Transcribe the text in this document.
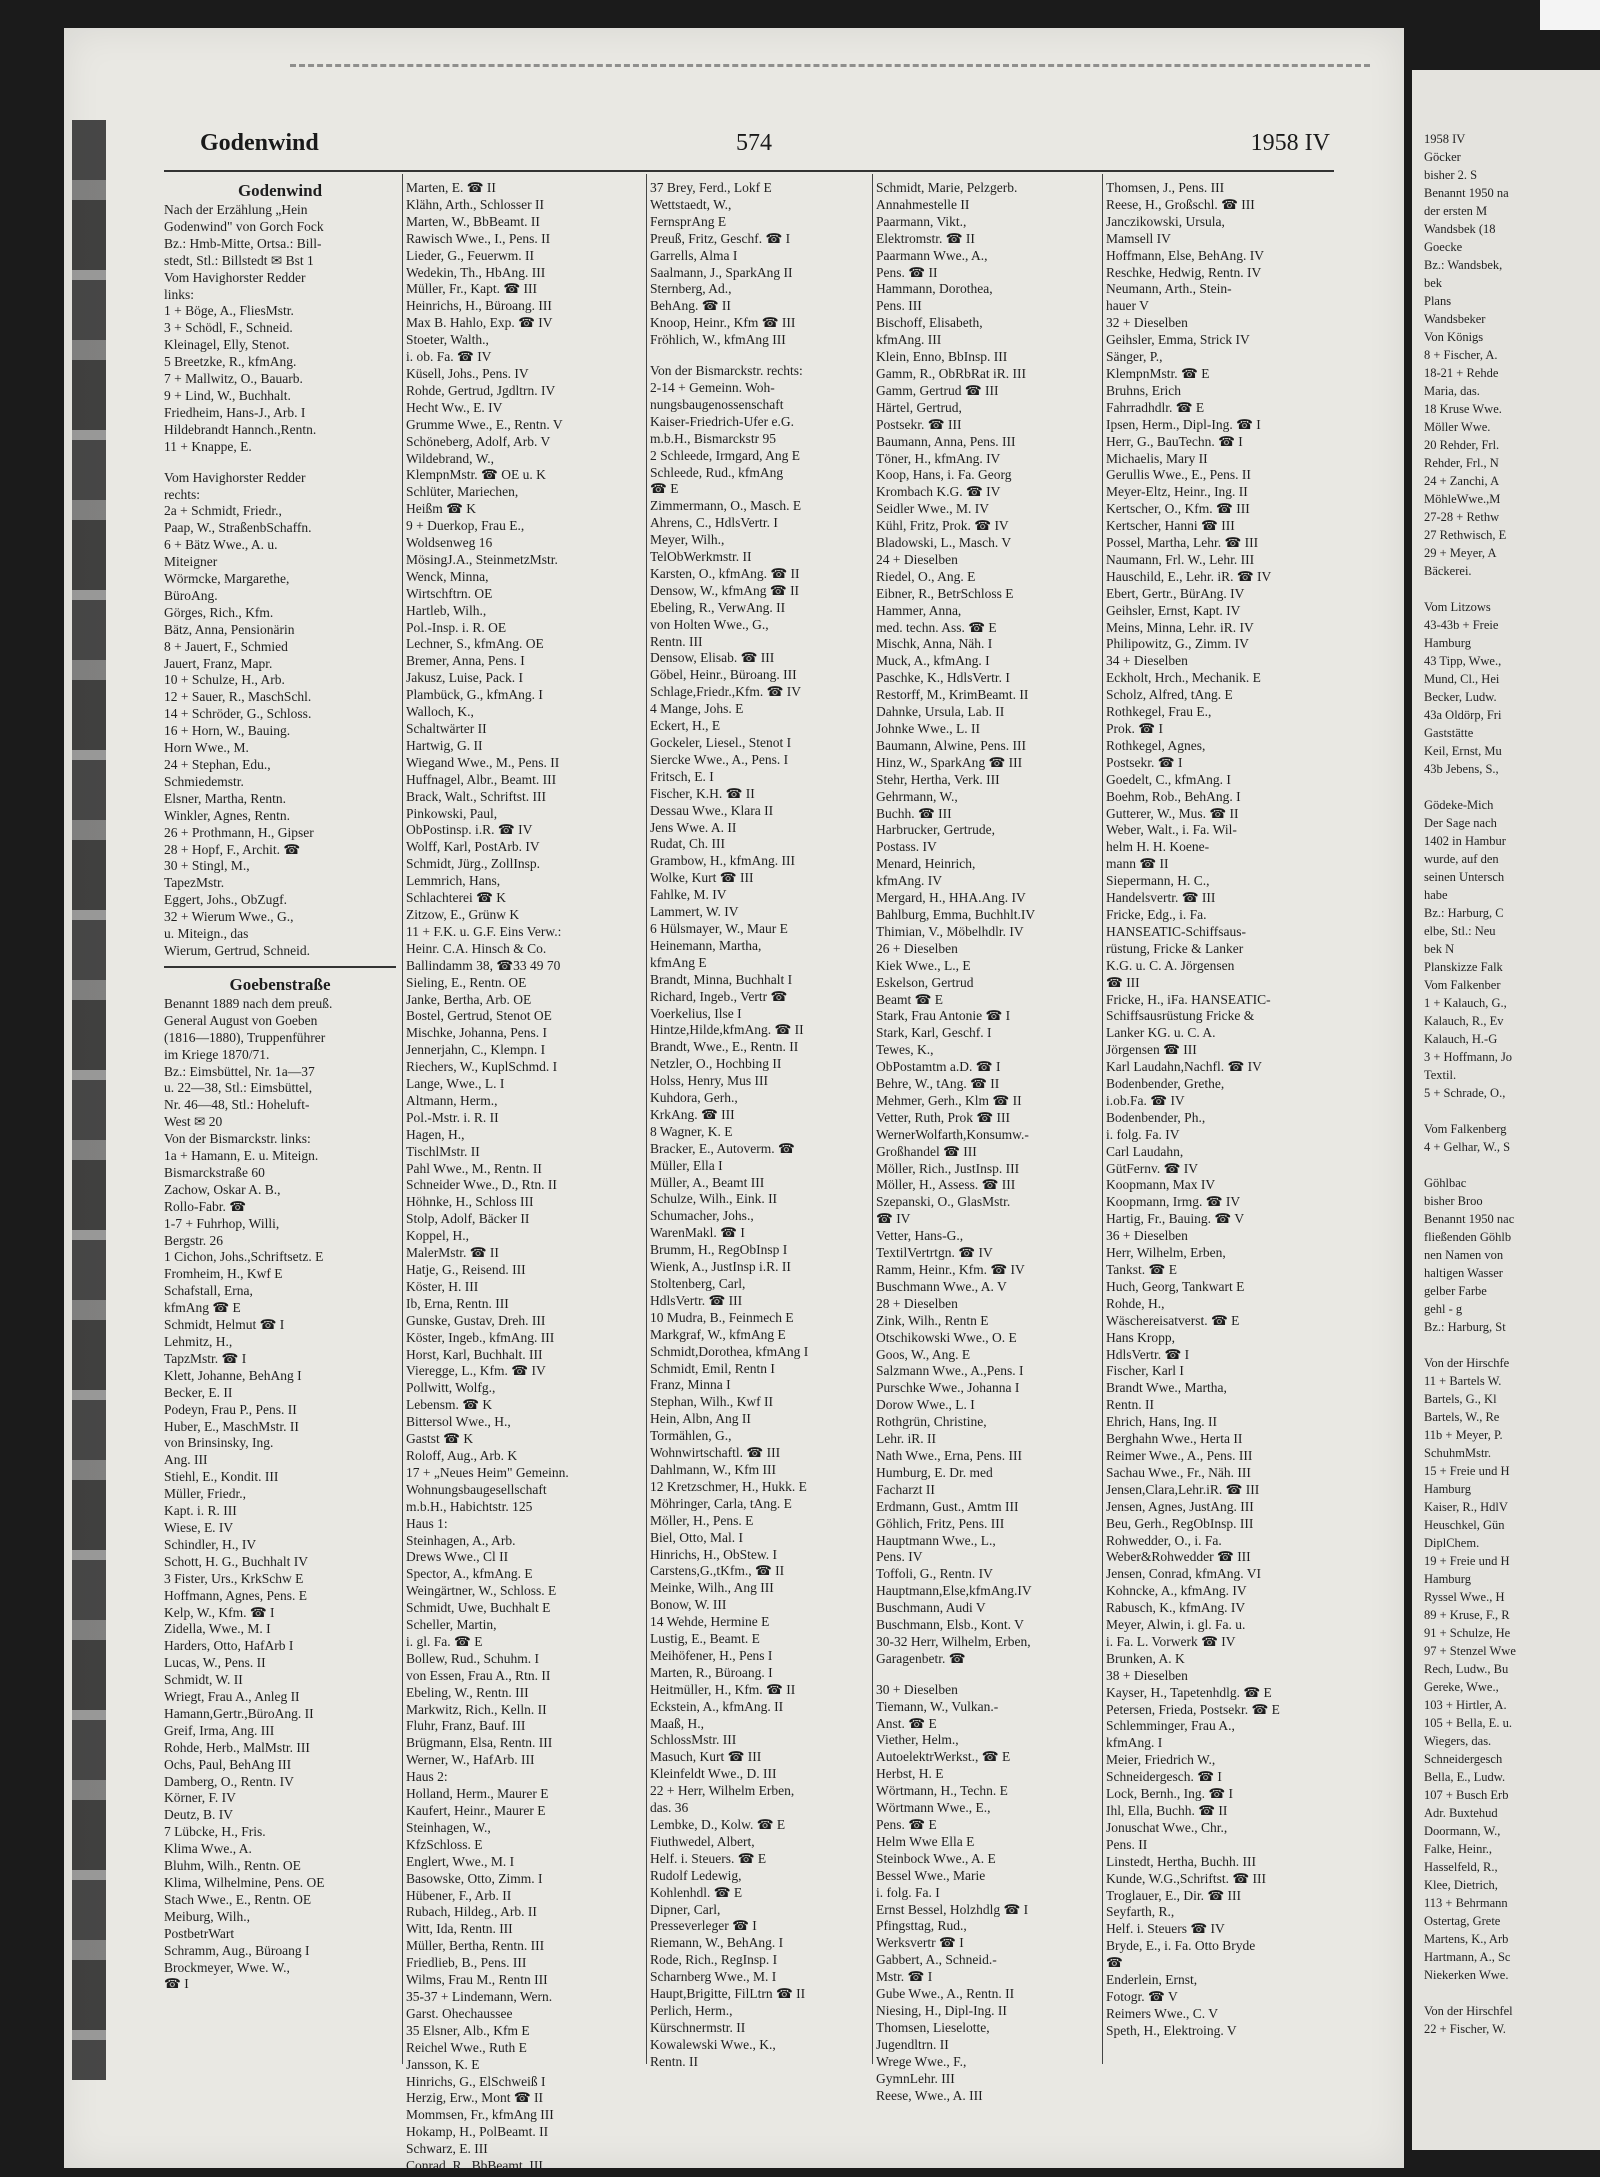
Godenwind	574	1958 IV
Godenwind
Nach der Erzählung „Hein
Godenwind" von Gorch Fock
Bz.: Hmb-Mitte, Ortsa.: Bill-
stedt, Stl.: Billstedt ✉ Bst 1
Vom Havighorster Redder
links:
1 + Böge, A., FliesMstr.
3 + Schödl, F., Schneid.
Kleinagel, Elly, Stenot.
5 Breetzke, R., kfmAng.
7 + Mallwitz, O., Bauarb.
9 + Lind, W., Buchhalt.
Friedheim, Hans-J., Arb. I
Hildebrandt Hannch.,Rentn.
11 + Knappe, E.
Vom Havighorster Redder
rechts:
2a + Schmidt, Friedr.,
Paap, W., StraßenbSchaffn.
6 + Bätz Wwe., A. u.
Miteigner
Wörmcke, Margarethe,
BüroAng.
Görges, Rich., Kfm.
Bätz, Anna, Pensionärin
8 + Jauert, F., Schmied
Jauert, Franz, Mapr.
10 + Schulze, H., Arb.
12 + Sauer, R., MaschSchl.
14 + Schröder, G., Schloss.
16 + Horn, W., Bauing.
Horn Wwe., M.
24 + Stephan, Edu.,
Schmiedemstr.
Elsner, Martha, Rentn.
Winkler, Agnes, Rentn.
26 + Prothmann, H., Gipser
28 + Hopf, F., Archit. ☎
30 + Stingl, M.,
TapezMstr.
Eggert, Johs., ObZugf.
32 + Wierum Wwe., G.,
u. Miteign., das
Wierum, Gertrud, Schneid.
Goebenstraße
Benannt 1889 nach dem preuß.
General August von Goeben
(1816—1880), Truppenführer
im Kriege 1870/71.
Bz.: Eimsbüttel, Nr. 1a—37
u. 22—38, Stl.: Eimsbüttel,
Nr. 46—48, Stl.: Hoheluft-
West ✉ 20
Von der Bismarckstr. links:
1a + Hamann, E. u. Miteign.
Bismarckstraße 60
Zachow, Oskar A. B.,
Rollo-Fabr. ☎
1-7 + Fuhrhop, Willi,
Bergstr. 26
1 Cichon, Johs.,Schriftsetz. E
Fromheim, H., Kwf E
Schafstall, Erna,
kfmAng ☎ E
Schmidt, Helmut ☎ I
Lehmitz, H.,
TapzMstr. ☎ I
Klett, Johanne, BehAng I
Becker, E. II
Podeyn, Frau P., Pens. II
Huber, E., MaschMstr. II
von Brinsinsky, Ing.
Ang. III
Stiehl, E., Kondit. III
Müller, Friedr.,
Kapt. i. R. III
Wiese, E. IV
Schindler, H., IV
Schott, H. G., Buchhalt IV
3 Fister, Urs., KrkSchw E
Hoffmann, Agnes, Pens. E
Kelp, W., Kfm. ☎ I
Zidella, Wwe., M. I
Harders, Otto, HafArb I
Lucas, W., Pens. II
Schmidt, W. II
Wriegt, Frau A., Anleg II
Hamann,Gertr.,BüroAng. II
Greif, Irma, Ang. III
Rohde, Herb., MalMstr. III
Ochs, Paul, BehAng III
Damberg, O., Rentn. IV
Körner, F. IV
Deutz, B. IV
7 Lübcke, H., Fris.
Klima Wwe., A.
Bluhm, Wilh., Rentn. OE
Klima, Wilhelmine, Pens. OE
Stach Wwe., E., Rentn. OE
Meiburg, Wilh.,
PostbetrWart
Schramm, Aug., Büroang I
Brockmeyer, Wwe. W.,
☎ I
Marten, E. ☎ II
Klähn, Arth., Schlosser II
Marten, W., BbBeamt. II
Rawisch Wwe., I., Pens. II
Lieder, G., Feuerwm. II
Wedekin, Th., HbAng. III
Müller, Fr., Kapt. ☎ III
Heinrichs, H., Büroang. III
Max B. Hahlo, Exp. ☎ IV
Stoeter, Walth.,
i. ob. Fa. ☎ IV
Küsell, Johs., Pens. IV
Rohde, Gertrud, Jgdltrn. IV
Hecht Ww., E. IV
Grumme Wwe., E., Rentn. V
Schöneberg, Adolf, Arb. V
Wildebrand, W.,
KlempnMstr. ☎ OE u. K
Schlüter, Mariechen,
Heißm ☎ K
9 + Duerkop, Frau E.,
Woldsenweg 16
MösingJ.A., SteinmetzMstr.
Wenck, Minna,
Wirtschftrn. OE
Hartleb, Wilh.,
Pol.-Insp. i. R. OE
Lechner, S., kfmAng. OE
Bremer, Anna, Pens. I
Jakusz, Luise, Pack. I
Plambück, G., kfmAng. I
Walloch, K.,
Schaltwärter II
Hartwig, G. II
Wiegand Wwe., M., Pens. II
Huffnagel, Albr., Beamt. III
Brack, Walt., Schriftst. III
Pinkowski, Paul,
ObPostinsp. i.R. ☎ IV
Wolff, Karl, PostArb. IV
Schmidt, Jürg., ZollInsp.
Lemmrich, Hans,
Schlachterei ☎ K
Zitzow, E., Grünw K
11 + F.K. u. G.F. Eins Verw.:
Heinr. C.A. Hinsch & Co.
Ballindamm 38, ☎33 49 70
Sieling, E., Rentn. OE
Janke, Bertha, Arb. OE
Bostel, Gertrud, Stenot OE
Mischke, Johanna, Pens. I
Jennerjahn, C., Klempn. I
Riechers, W., KuplSchmd. I
Lange, Wwe., L. I
Altmann, Herm.,
Pol.-Mstr. i. R. II
Hagen, H.,
TischlMstr. II
Pahl Wwe., M., Rentn. II
Schneider Wwe., D., Rtn. II
Höhnke, H., Schloss III
Stolp, Adolf, Bäcker II
Koppel, H.,
MalerMstr. ☎ II
Hatje, G., Reisend. III
Köster, H. III
Ib, Erna, Rentn. III
Gunske, Gustav, Dreh. III
Köster, Ingeb., kfmAng. III
Horst, Karl, Buchhalt. III
Vieregge, L., Kfm. ☎ IV
Pollwitt, Wolfg.,
Lebensm. ☎ K
Bittersol Wwe., H.,
Gastst ☎ K
Roloff, Aug., Arb. K
17 + „Neues Heim" Gemeinn.
Wohnungsbaugesellschaft
m.b.H., Habichtstr. 125
Haus 1:
Steinhagen, A., Arb.
Drews Wwe., Cl II
Spector, A., kfmAng. E
Weingärtner, W., Schloss. E
Schmidt, Uwe, Buchhalt E
Scheller, Martin,
i. gl. Fa. ☎ E
Bollew, Rud., Schuhm. I
von Essen, Frau A., Rtn. II
Ebeling, W., Rentn. III
Markwitz, Rich., Kelln. II
Fluhr, Franz, Bauf. III
Brügmann, Elsa, Rentn. III
Werner, W., HafArb. III
Haus 2:
Holland, Herm., Maurer E
Kaufert, Heinr., Maurer E
Steinhagen, W.,
KfzSchloss. E
Englert, Wwe., M. I
Basowske, Otto, Zimm. I
Hübener, F., Arb. II
Rubach, Hildeg., Arb. II
Witt, Ida, Rentn. III
Müller, Bertha, Rentn. III
Friedlieb, B., Pens. III
Wilms, Frau M., Rentn III
35-37 + Lindemann, Wern.
Garst. Ohechaussee
35 Elsner, Alb., Kfm E
Reichel Wwe., Ruth E
Jansson, K. E
Hinrichs, G., ElSchweiß I
Herzig, Erw., Mont ☎ II
Mommsen, Fr., kfmAng III
Hokamp, H., PolBeamt. II
Schwarz, E. III
Conrad, R., BbBeamt. III
37 Brey, Ferd., Lokf E
Wettstaedt, W.,
FernsprAng E
Preuß, Fritz, Geschf. ☎ I
Garrells, Alma I
Saalmann, J., SparkAng II
Sternberg, Ad.,
BehAng. ☎ II
Knoop, Heinr., Kfm ☎ III
Fröhlich, W., kfmAng III
Von der Bismarckstr. rechts:
2-14 + Gemeinn. Woh-
nungsbaugenossenschaft
Kaiser-Friedrich-Ufer e.G.
m.b.H., Bismarckstr 95
2 Schleede, Irmgard, Ang E
Schleede, Rud., kfmAng
☎ E
Zimmermann, O., Masch. E
Ahrens, C., HdlsVertr. I
Meyer, Wilh.,
TelObWerkmstr. II
Karsten, O., kfmAng. ☎ II
Densow, W., kfmAng ☎ II
Ebeling, R., VerwAng. II
von Holten Wwe., G.,
Rentn. III
Densow, Elisab. ☎ III
Göbel, Heinr., Büroang. III
Schlage,Friedr.,Kfm. ☎ IV
4 Mange, Johs. E
Eckert, H., E
Gockeler, Liesel., Stenot I
Siercke Wwe., A., Pens. I
Fritsch, E. I
Fischer, K.H. ☎ II
Dessau Wwe., Klara II
Jens Wwe. A. II
Rudat, Ch. III
Grambow, H., kfmAng. III
Wolke, Kurt ☎ III
Fahlke, M. IV
Lammert, W. IV
6 Hülsmayer, W., Maur E
Heinemann, Martha,
kfmAng E
Brandt, Minna, Buchhalt I
Richard, Ingeb., Vertr ☎
Voerkelius, Ilse I
Hintze,Hilde,kfmAng. ☎ II
Brandt, Wwe., E., Rentn. II
Netzler, O., Hochbing II
Holss, Henry, Mus III
Kuhdora, Gerh.,
KrkAng. ☎ III
8 Wagner, K. E
Bracker, E., Autoverm. ☎
Müller, Ella I
Müller, A., Beamt III
Schulze, Wilh., Eink. II
Schumacher, Johs.,
WarenMakl. ☎ I
Brumm, H., RegObInsp I
Wienk, A., JustInsp i.R. II
Stoltenberg, Carl,
HdlsVertr. ☎ III
10 Mudra, B., Feinmech E
Markgraf, W., kfmAng E
Schmidt,Dorothea, kfmAng I
Schmidt, Emil, Rentn I
Franz, Minna I
Stephan, Wilh., Kwf II
Hein, Albn, Ang II
Tormählen, G.,
Wohnwirtschaftl. ☎ III
Dahlmann, W., Kfm III
12 Kretzschmer, H., Hukk. E
Möhringer, Carla, tAng. E
Möller, H., Pens. E
Biel, Otto, Mal. I
Hinrichs, H., ObStew. I
Carstens,G.,tKfm., ☎ II
Meinke, Wilh., Ang III
Bonow, W. III
14 Wehde, Hermine E
Lustig, E., Beamt. E
Meihöfener, H., Pens I
Marten, R., Büroang. I
Heitmüller, H., Kfm. ☎ II
Eckstein, A., kfmAng. II
Maaß, H.,
SchlossMstr. III
Masuch, Kurt ☎ III
Kleinfeldt Wwe., D. III
22 + Herr, Wilhelm Erben,
das. 36
Lembke, D., Kolw. ☎ E
Fiuthwedel, Albert,
Helf. i. Steuers. ☎ E
Rudolf Ledewig,
Kohlenhdl. ☎ E
Dipner, Carl,
Presseverleger ☎ I
Riemann, W., BehAng. I
Rode, Rich., RegInsp. I
Scharnberg Wwe., M. I
Haupt,Brigitte, FilLtrn ☎ II
Perlich, Herm.,
Kürschnermstr. II
Kowalewski Wwe., K.,
Rentn. II
Schmidt, Marie, Pelzgerb.
Annahmestelle II
Paarmann, Vikt.,
Elektromstr. ☎ II
Paarmann Wwe., A.,
Pens. ☎ II
Hammann, Dorothea,
Pens. III
Bischoff, Elisabeth,
kfmAng. III
Klein, Enno, BbInsp. III
Gamm, R., ObRbRat iR. III
Gamm, Gertrud ☎ III
Härtel, Gertrud,
Postsekr. ☎ III
Baumann, Anna, Pens. III
Töner, H., kfmAng. IV
Koop, Hans, i. Fa. Georg
Krombach K.G. ☎ IV
Seidler Wwe., M. IV
Kühl, Fritz, Prok. ☎ IV
Bladowski, L., Masch. V
24 + Dieselben
Riedel, O., Ang. E
Eibner, R., BetrSchloss E
Hammer, Anna,
med. techn. Ass. ☎ E
Mischk, Anna, Näh. I
Muck, A., kfmAng. I
Paschke, K., HdlsVertr. I
Restorff, M., KrimBeamt. II
Dahnke, Ursula, Lab. II
Johnke Wwe., L. II
Baumann, Alwine, Pens. III
Hinz, W., SparkAng ☎ III
Stehr, Hertha, Verk. III
Gehrmann, W.,
Buchh. ☎ III
Harbrucker, Gertrude,
Postass. IV
Menard, Heinrich,
kfmAng. IV
Mergard, H., HHA.Ang. IV
Bahlburg, Emma, Buchhlt.IV
Thimian, V., Möbelhdlr. IV
26 + Dieselben
Kiek Wwe., L., E
Eskelson, Gertrud
Beamt ☎ E
Stark, Frau Antonie ☎ I
Stark, Karl, Geschf. I
Tewes, K.,
ObPostamtm a.D. ☎ I
Behre, W., tAng. ☎ II
Mehmer, Gerh., Klm ☎ II
Vetter, Ruth, Prok ☎ III
WernerWolfarth,Konsumw.-
Großhandel ☎ III
Möller, Rich., JustInsp. III
Möller, H., Assess. ☎ III
Szepanski, O., GlasMstr.
☎ IV
Vetter, Hans-G.,
TextilVertrtgn. ☎ IV
Ramm, Heinr., Kfm. ☎ IV
Buschmann Wwe., A. V
28 + Dieselben
Zink, Wilh., Rentn E
Otschikowski Wwe., O. E
Goos, W., Ang. E
Salzmann Wwe., A.,Pens. I
Purschke Wwe., Johanna I
Dorow Wwe., L. I
Rothgrün, Christine,
Lehr. iR. II
Nath Wwe., Erna, Pens. III
Humburg, E. Dr. med
Facharzt II
Erdmann, Gust., Amtm III
Göhlich, Fritz, Pens. III
Hauptmann Wwe., L.,
Pens. IV
Toffoli, G., Rentn. IV
Hauptmann,Else,kfmAng.IV
Buschmann, Audi V
Buschmann, Elsb., Kont. V
30-32 Herr, Wilhelm, Erben,
Garagenbetr. ☎
30 + Dieselben
Tiemann, W., Vulkan.-
Anst. ☎ E
Viether, Helm.,
AutoelektrWerkst., ☎ E
Herbst, H. E
Wörtmann, H., Techn. E
Wörtmann Wwe., E.,
Pens. ☎ E
Helm Wwe Ella E
Steinbock Wwe., A. E
Bessel Wwe., Marie
i. folg. Fa. I
Ernst Bessel, Holzhdlg ☎ I
Pfingsttag, Rud.,
Werksvertr ☎ I
Gabbert, A., Schneid.-
Mstr. ☎ I
Gube Wwe., A., Rentn. II
Niesing, H., Dipl-Ing. II
Thomsen, Lieselotte,
Jugendltrn. II
Wrege Wwe., F.,
GymnLehr. III
Reese, Wwe., A. III
Thomsen, J., Pens. III
Reese, H., Großschl. ☎ III
Janczikowski, Ursula,
Mamsell IV
Hoffmann, Else, BehAng. IV
Reschke, Hedwig, Rentn. IV
Neumann, Arth., Stein-
hauer V
32 + Dieselben
Geihsler, Emma, Strick IV
Sänger, P.,
KlempnMstr. ☎ E
Bruhns, Erich
Fahrradhdlr. ☎ E
Ipsen, Herm., Dipl-Ing. ☎ I
Herr, G., BauTechn. ☎ I
Michaelis, Mary II
Gerullis Wwe., E., Pens. II
Meyer-Eltz, Heinr., Ing. II
Kertscher, O., Kfm. ☎ III
Kertscher, Hanni ☎ III
Possel, Martha, Lehr. ☎ III
Naumann, Frl. W., Lehr. III
Hauschild, E., Lehr. iR. ☎ IV
Ebert, Gertr., BürAng. IV
Geihsler, Ernst, Kapt. IV
Meins, Minna, Lehr. iR. IV
Philipowitz, G., Zimm. IV
34 + Dieselben
Eckholt, Hrch., Mechanik. E
Scholz, Alfred, tAng. E
Rothkegel, Frau E.,
Prok. ☎ I
Rothkegel, Agnes,
Postsekr. ☎ I
Goedelt, C., kfmAng. I
Boehm, Rob., BehAng. I
Gutterer, W., Mus. ☎ II
Weber, Walt., i. Fa. Wil-
helm H. H. Koene-
mann ☎ II
Siepermann, H. C.,
Handelsvertr. ☎ III
Fricke, Edg., i. Fa.
HANSEATIC-Schiffsaus-
rüstung, Fricke & Lanker
K.G. u. C. A. Jörgensen
☎ III
Fricke, H., iFa. HANSEATIC-
Schiffsausrüstung Fricke &
Lanker KG. u. C. A.
Jörgensen ☎ III
Karl Laudahn,Nachfl. ☎ IV
Bodenbender, Grethe,
i.ob.Fa. ☎ IV
Bodenbender, Ph.,
i. folg. Fa. IV
Carl Laudahn,
GütFernv. ☎ IV
Koopmann, Max IV
Koopmann, Irmg. ☎ IV
Hartig, Fr., Bauing. ☎ V
36 + Dieselben
Herr, Wilhelm, Erben,
Tankst. ☎ E
Huch, Georg, Tankwart E
Rohde, H.,
Wäschereisatverst. ☎ E
Hans Kropp,
HdlsVertr. ☎ I
Fischer, Karl I
Brandt Wwe., Martha,
Rentn. II
Ehrich, Hans, Ing. II
Berghahn Wwe., Herta II
Reimer Wwe., A., Pens. III
Sachau Wwe., Fr., Näh. III
Jensen,Clara,Lehr.iR. ☎ III
Jensen, Agnes, JustAng. III
Beu, Gerh., RegObInsp. III
Rohwedder, O., i. Fa.
Weber&Rohwedder ☎ III
Jensen, Conrad, kfmAng. VI
Kohncke, A., kfmAng. IV
Rabusch, K., kfmAng. IV
Meyer, Alwin, i. gl. Fa. u.
i. Fa. L. Vorwerk ☎ IV
Brunken, A. K
38 + Dieselben
Kayser, H., Tapetenhdlg. ☎ E
Petersen, Frieda, Postsekr. ☎ E
Schlemminger, Frau A.,
kfmAng. I
Meier, Friedrich W.,
Schneidergesch. ☎ I
Lock, Bernh., Ing. ☎ I
Ihl, Ella, Buchh. ☎ II
Jonuschat Wwe., Chr.,
Pens. II
Linstedt, Hertha, Buchh. III
Kunde, W.G.,Schriftst. ☎ III
Troglauer, E., Dir. ☎ III
Seyfarth, R.,
Helf. i. Steuers ☎ IV
Bryde, E., i. Fa. Otto Bryde
☎
Enderlein, Ernst,
Fotogr. ☎ V
Reimers Wwe., C. V
Speth, H., Elektroing. V
1958 IV
Göcker
bisher 2. S
Benannt 1950 na
der ersten M
Wandsbek (18
Goecke
Bz.: Wandsbek,
bek
Plans
Wandsbeker
Von Königs
8 + Fischer, A.
18-21 + Rehde
Maria, das.
18 Kruse Wwe.
Möller Wwe.
20 Rehder, Frl.
Rehder, Frl., N
24 + Zanchi, A
MöhleWwe.,M
27-28 + Rethw
27 Rethwisch, E
29 + Meyer, A
Bäckerei.

Vom Litzows
43-43b + Freie
Hamburg
43 Tipp, Wwe.,
Mund, Cl., Hei
Becker, Ludw.
43a Oldörp, Fri
Gaststätte
Keil, Ernst, Mu
43b Jebens, S.,

Gödeke-Mich
Der Sage nach
1402 in Hambur
wurde, auf den
seinen Untersch
habe
Bz.: Harburg, C
elbe, Stl.: Neu
bek N
Planskizze Falk
Vom Falkenber
1 + Kalauch, G.,
Kalauch, R., Ev
Kalauch, H.-G
3 + Hoffmann, Jo
Textil.
5 + Schrade, O.,

Vom Falkenberg
4 + Gelhar, W., S

Göhlbac
bisher Broo
Benannt 1950 nac
fließenden Göhlb
nen Namen von
haltigen Wasser
gelber Farbe
gehl - g
Bz.: Harburg, St

Von der Hirschfe
11 + Bartels W.
Bartels, G., Kl
Bartels, W., Re
11b + Meyer, P.
SchuhmMstr.
15 + Freie und H
Hamburg
Kaiser, R., HdlV
Heuschkel, Gün
DiplChem.
19 + Freie und H
Hamburg
Ryssel Wwe., H
89 + Kruse, F., R
91 + Schulze, He
97 + Stenzel Wwe
Rech, Ludw., Bu
Gereke, Wwe.,
103 + Hirtler, A.
105 + Bella, E. u.
Wiegers, das.
Schneidergesch
Bella, E., Ludw.
107 + Busch Erb
Adr. Buxtehud
Doormann, W.,
Falke, Heinr.,
Hasselfeld, R.,
Klee, Dietrich,
113 + Behrmann
Ostertag, Grete
Martens, K., Arb
Hartmann, A., Sc
Niekerken Wwe.

Von der Hirschfel
22 + Fischer, W.
